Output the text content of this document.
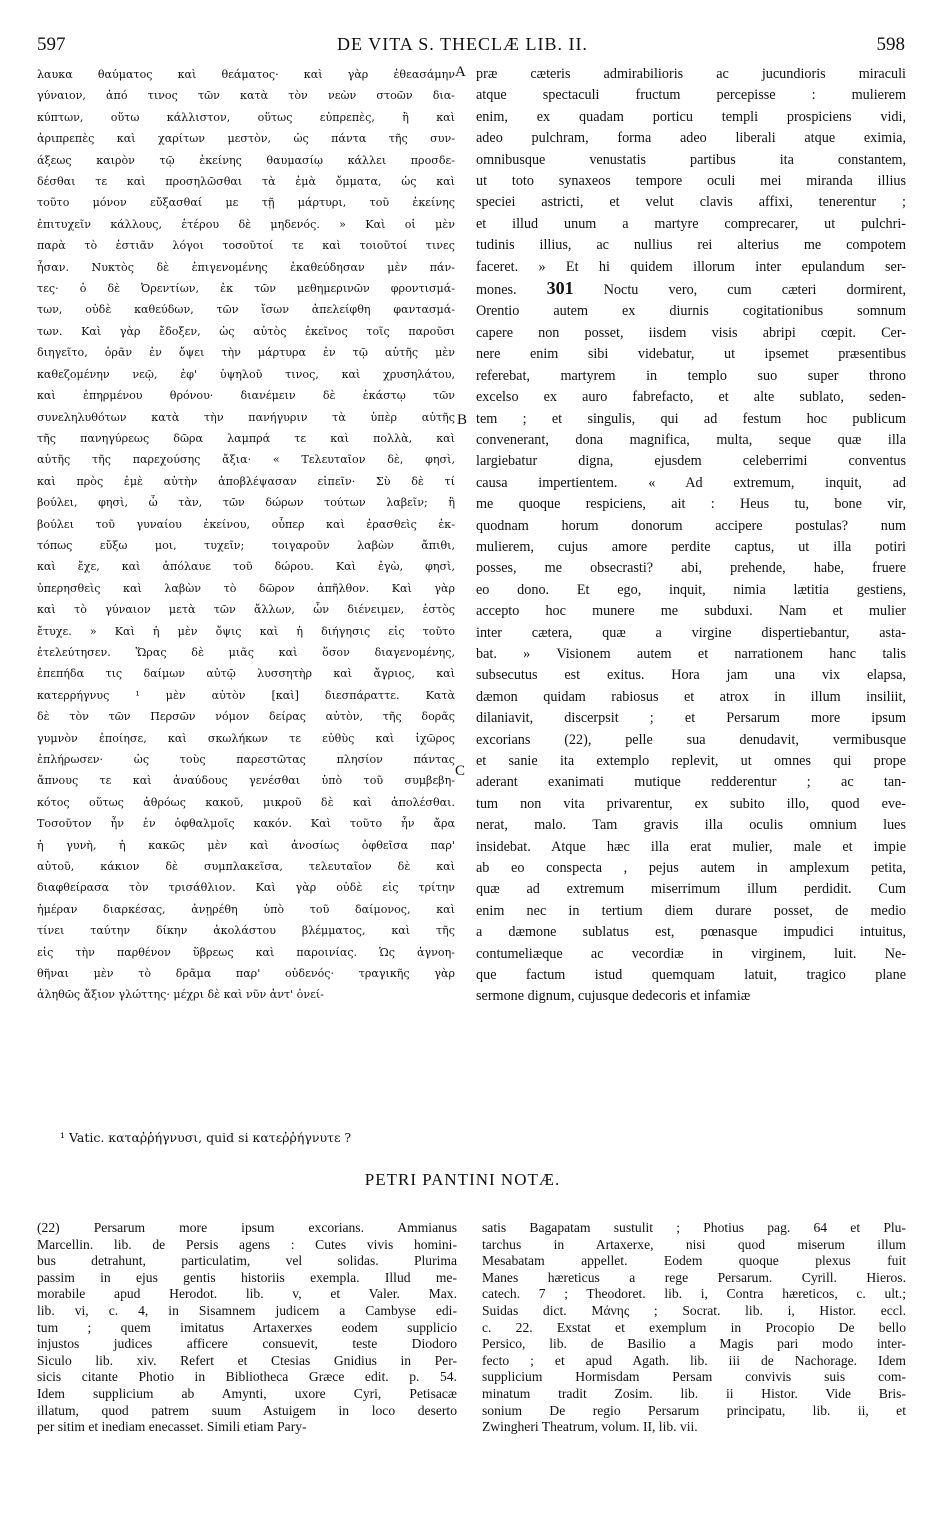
597	DE VITA S. THECLÆ LIB. II.	598
λαυκα θαύματος καὶ θεάματος· καὶ γὰρ ἐθεασάμην
γύναιον, ἀπό τινος τῶν κατὰ τὸν νεὼν στοῶν δια-
κύπτων, οὕτω κάλλιστον, οὕτως εὐπρεπὲς, ἢ καὶ
ἀριπρεπὲς καὶ χαρίτων μεστὸν, ὡς πάντα τῆς συν-
άξεως καιρὸν τῷ ἐκείνης θαυμασίῳ κάλλει προσδε-
δέσθαι τε καὶ προσηλῶσθαι τὰ ἐμὰ ὄμματα, ὡς καὶ
τοῦτο μόνον εὔξασθαί με τῇ μάρτυρι, τοῦ ἐκείνης
ἐπιτυχεῖν κάλλους, ἑτέρου δὲ μηδενός. » Καὶ οἱ μὲν
παρὰ τὸ ἑστιᾶν λόγοι τοσοῦτοί τε καὶ τοιοῦτοί τινες
ἦσαν. Νυκτὸς δὲ ἐπιγενομένης ἐκαθεύδησαν μὲν πάν-
τες· ὁ δὲ Ὀρεντίων, ἐκ τῶν μεθημερινῶν φροντισμά-
των, οὐδὲ καθεύδων, τῶν ἴσων ἀπελείφθη φαντασμά-
των. Καὶ γὰρ ἔδοξεν, ὡς αὐτὸς ἐκεῖνος τοῖς παροῦσι
διηγεῖτο, ὁρᾶν ἐν ὄψει τὴν μάρτυρα ἐν τῷ αὐτῆς μὲν
καθεζομένην νεῷ, ἐφ' ὑψηλοῦ τινος, καὶ χρυσηλάτου,
καὶ ἐπηρμένου θρόνου· διανέμειν δὲ ἑκάστῳ τῶν
συνεληλυθότων κατὰ τὴν πανήγυριν τὰ ὑπὲρ αὐτῆς
τῆς πανηγύρεως δῶρα λαμπρά τε καὶ πολλὰ, καὶ
αὐτῆς τῆς παρεχούσης ἄξια· « Τελευταῖον δὲ, φησὶ,
καὶ πρὸς ἐμὲ αὐτὴν ἀποβλέψασαν εἰπεῖν· Σὺ δὲ τί
βούλει, φησὶ, ὦ τὰν, τῶν δώρων τούτων λαβεῖν; ἢ
βούλει τοῦ γυναίου ἐκείνου, οὗπερ καὶ ἐρασθεὶς ἐκ-
τόπως εὔξω μοι, τυχεῖν; τοιγαροῦν λαβὼν ἄπιθι,
καὶ ἔχε, καὶ ἀπόλαυε τοῦ δώρου. Καὶ ἐγὼ, φησὶ,
ὑπερησθεὶς καὶ λαβὼν τὸ δῶρον ἀπῆλθον. Καὶ γὰρ
καὶ τὸ γύναιον μετὰ τῶν ἄλλων, ὧν διένειμεν, ἑστὸς
ἔτυχε. » Καὶ ἡ μὲν ὄψις καὶ ἡ διήγησις εἰς τοῦτο
ἐτελεύτησεν. Ὥρας δὲ μιᾶς καὶ ὅσον διαγενομένης,
ἐπεπήδα τις δαίμων αὐτῷ λυσσητὴρ καὶ ἄγριος, καὶ
κατερρήγνυς ¹ μὲν αὐτὸν [καὶ] διεσπάραττε. Κατὰ
δὲ τὸν τῶν Περσῶν νόμον δείρας αὐτὸν, τῆς δορᾶς
γυμνὸν ἐποίησε, καὶ σκωλήκων τε εὐθὺς καὶ ἰχῶρος
ἐπλήρωσεν· ὡς τοὺς παρεστῶτας πλησίον πάντας
ἄπνους τε καὶ ἀναύδους γενέσθαι ὑπὸ τοῦ συμβεβη-
κότος οὕτως ἀθρόως κακοῦ, μικροῦ δὲ καὶ ἀπολέσθαι.
Τοσοῦτον ἦν ἐν ὀφθαλμοῖς κακόν. Καὶ τοῦτο ἦν ἄρα
ἡ γυνὴ, ἡ κακῶς μὲν καὶ ἀνοσίως ὀφθεῖσα παρ'
αὐτοῦ, κάκιον δὲ συμπλακεῖσα, τελευταῖον δὲ καὶ
διαφθείρασα τὸν τρισάθλιον. Καὶ γὰρ οὐδὲ εἰς τρίτην
ἡμέραν διαρκέσας, ἀνῃρέθη ὑπὸ τοῦ δαίμονος, καὶ
τίνει ταύτην δίκην ἀκολάστου βλέμματος, καὶ τῆς
εἰς τὴν παρθένον ὕβρεως καὶ παροινίας. Ὡς ἀγνοη-
θῆναι μὲν τὸ δρᾶμα παρ' οὐδενός· τραγικῆς γὰρ
ἀληθῶς ἄξιον γλώττης· μέχρι δὲ καὶ νῦν ἀντ' ὀνεί-
præ cæteris admirabilioris ac jucundioris miraculi
atque spectaculi fructum percepisse : mulierem
enim, ex quadam porticu templi prospiciens vidi,
adeo pulchram, forma adeo liberali atque eximia,
omnibusque venustatis partibus ita constantem,
ut toto synaxeos tempore oculi mei miranda illius
speciei astricti, et velut clavis affixi, tenerentur ;
et illud unum a martyre comprecarer, ut pulchri-
tudinis illius, ac nullius rei alterius me compotem
faceret. » Et hi quidem illorum inter epulandum ser-
mones. 301 Noctu vero, cum cæteri dormirent,
Orentio autem ex diurnis cogitationibus somnum
capere non posset, iisdem visis abripi cœpit. Cer-
nere enim sibi videbatur, ut ipsemet præsentibus
referebat, martyrem in templo suo super throno
excelso ex auro fabrefacto, et alte sublato, seden-
tem ; et singulis, qui ad festum hoc publicum
convenerant, dona magnifica, multa, seque quæ illa
largiebatur digna, ejusdem celeberrimi conventus
causa impertientem. « Ad extremum, inquit, ad
me quoque respiciens, ait : Heus tu, bone vir,
quodnam horum donorum accipere postulas? num
mulierem, cujus amore perdite captus, ut illa potiri
posses, me obsecrasti? abi, prehende, habe, fruere
eo dono. Et ego, inquit, nimia lætitia gestiens,
accepto hoc munere me subduxi. Nam et mulier
inter cætera, quæ a virgine dispertiebantur, asta-
bat. » Visionem autem et narrationem hanc talis
subsecutus est exitus. Hora jam una vix elapsa,
dæmon quidam rabiosus et atrox in illum insiliit,
dilaniavit, discerpsit ; et Persarum more ipsum
excorians (22), pelle sua denudavit, vermibusque
et sanie ita extemplo replevit, ut omnes qui prope
aderant exanimati mutique redderentur ; ac tan-
tum non vita privarentur, ex subito illo, quod eve-
nerat, malo. Tam gravis illa oculis omnium lues
insidebat. Atque hæc illa erat mulier, male et impie
ab eo conspecta , pejus autem in amplexum petita,
quæ ad extremum miserrimum illum perdidit. Cum
enim nec in tertium diem durare posset, de medio
a dæmone sublatus est, pœnasque impudici intuitus,
contumeliæque ac vecordiæ in virginem, luit. Ne-
que factum istud quemquam latuit, tragico plane
sermone dignum, cujusque dedecoris et infamiæ
A
B
C
¹ Vatic. καταῤῥήγνυσι, quid si κατεῤῥήγνυτε ?
PETRI PANTINI NOTÆ.
(22) Persarum more ipsum excorians. Ammianus
Marcellin. lib. de Persis agens : Cutes vivis homini-
bus detrahunt, particulatim, vel solidas. Plurima
passim in ejus gentis historiis exempla. Illud me-
morabile apud Herodot. lib. v, et Valer. Max.
lib. vi, c. 4, in Sisamnem judicem a Cambyse edi-
tum ; quem imitatus Artaxerxes eodem supplicio
injustos judices afficere consuevit, teste Diodoro
Siculo lib. xiv. Refert et Ctesias Gnidius in Per-
sicis citante Photio in Bibliotheca Græce edit. p. 54.
Idem supplicium ab Amynti, uxore Cyri, Petisacæ
illatum, quod patrem suum Astuigem in loco deserto
per sitim et inediam enecasset. Simili etiam Pary-
satis Bagapatam sustulit ; Photius pag. 64 et Plu-
tarchus in Artaxerxe, nisi quod miserum illum
Mesabatam appellet. Eodem quoque plexus fuit
Manes hæreticus a rege Persarum. Cyrill. Hieros.
catech. 7 ; Theodoret. lib. i, Contra hæreticos, c. ult.;
Suidas dict. Μάνης ; Socrat. lib. i, Histor. eccl.
c. 22. Exstat et exemplum in Procopio De bello
Persico, lib. de Basilio a Magis pari modo inter-
fecto ; et apud Agath. lib. iii de Nachorage. Idem
supplicium Hormisdam Persam convivis suis com-
minatum tradit Zosim. lib. ii Histor. Vide Bris-
sonium De regio Persarum principatu, lib. ii, et
Zwingheri Theatrum, volum. II, lib. vii.
